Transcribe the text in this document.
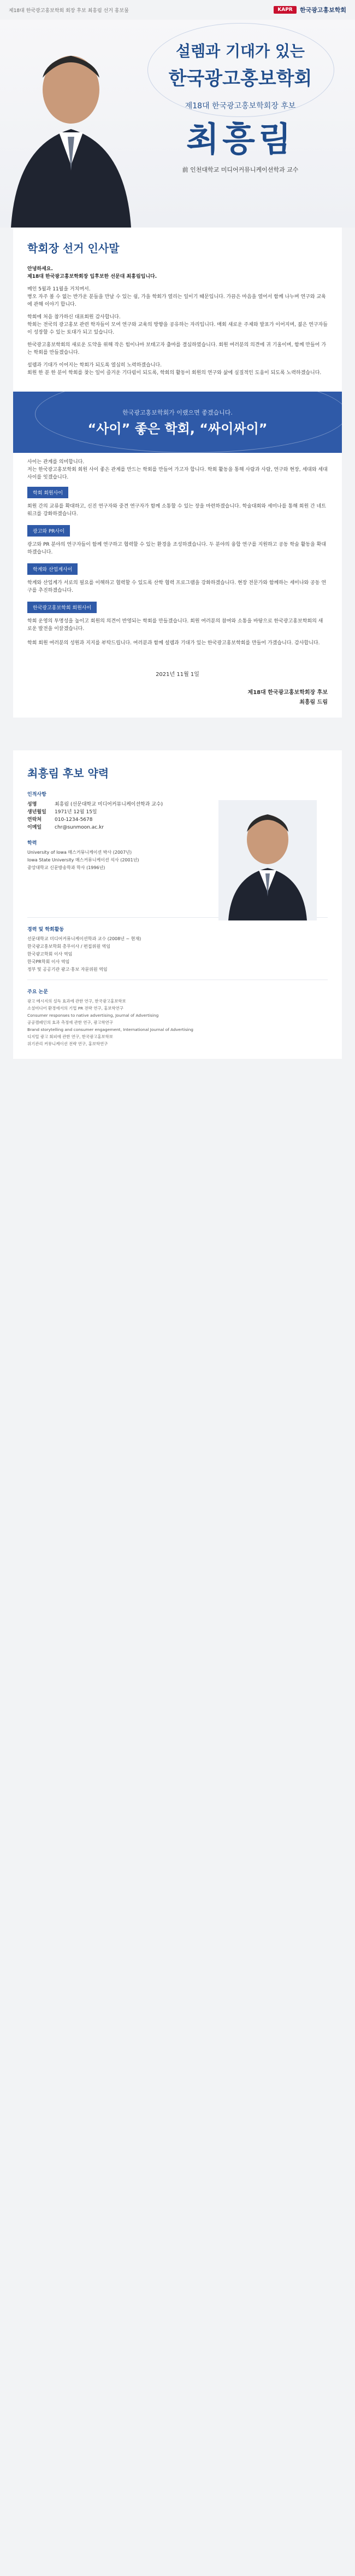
제18대 한국광고홍보학회 회장 후보 최흥림 선거 홍보물	KAPR	한국광고홍보학회
설렘과 기대가 있는
한국광고홍보학회
제18대 한국광고홍보학회장 후보
최흥림
前 인천대학교 미디어커뮤니케이션학과 교수
학회장 선거 인사말

안녕하세요.
제18대 한국광고홍보학회장 입후보한 선문대 최흥림입니다.

메인 5월과 11월을 거치며서.
병오 자주 볼 수 없는 반가운 분들을 만날 수 있는 쉼, 가을 학회가 열리는 일이기 때문입니다. 가끔은 마음을 열어서 함께 나누며 연구와 교육에 관해 이야기 합니다.

학회에 처음 참가하신 대표회원 감사합니다.
학회는 전국의 광고홍보 관련 학자들이 모여 연구와 교육의 방향을 공유하는 자리입니다. 매회 새로운 주제와 발표가 이어지며, 젊은 연구자들이 성장할 수 있는 토대가 되고 있습니다.

한국광고홍보학회의 새로운 도약을 위해 작은 힘이나마 보태고자 출마를 결심하였습니다. 회원 여러분의 의견에 귀 기울이며, 함께 만들어 가는 학회를 만들겠습니다.

설렘과 기대가 이어지는 학회가 되도록 열심히 노력하겠습니다.
회원 한 분 한 분이 학회를 찾는 일이 즐거운 기다림이 되도록, 학회의 활동이 회원의 연구와 삶에 실질적인 도움이 되도록 노력하겠습니다.

한국광고홍보학회가 이랬으면 좋겠습니다.
“사이” 좋은 학회, “싸이싸이”

사이는 관계를 의미합니다.
저는 한국광고홍보학회 회원 사이 좋은 관계를 만드는 학회를 만들어 가고자 합니다. 학회 활동을 통해 사람과 사람, 연구와 현장, 세대와 세대 사이를 잇겠습니다.

학회 회원사이

회원 간의 교류를 확대하고, 신진 연구자와 중견 연구자가 함께 소통할 수 있는 장을 마련하겠습니다. 학술대회와 세미나를 통해 회원 간 네트워크를 강화하겠습니다.

광고와 PR사이

광고와 PR 분야의 연구자들이 함께 연구하고 협력할 수 있는 환경을 조성하겠습니다. 두 분야의 융합 연구를 지원하고 공동 학술 활동을 확대하겠습니다.

학계와 산업계사이

학계와 산업계가 서로의 필요를 이해하고 협력할 수 있도록 산학 협력 프로그램을 강화하겠습니다. 현장 전문가와 함께하는 세미나와 공동 연구를 추진하겠습니다.

한국광고홍보학회 회원사이

학회 운영의 투명성을 높이고 회원의 의견이 반영되는 학회를 만들겠습니다. 회원 여러분의 참여와 소통을 바탕으로 한국광고홍보학회의 새로운 발전을 이끌겠습니다.

학회 회원 여러분의 성원과 지지를 부탁드립니다. 여러분과 함께 설렘과 기대가 있는 한국광고홍보학회를 만들어 가겠습니다. 감사합니다.

2021년 11월 1일
제18대 한국광고홍보학회장 후보
최흥림 드림
최흥림 후보 약력
인적사항
성명	최흥림 (선문대학교 미디어커뮤니케이션학과 교수)
생년월일	1971년 12월 15일
연락처	010-1234-5678
이메일	chr@sunmoon.ac.kr
학력
University of Iowa 매스커뮤니케이션 박사 (2007년)
Iowa State University 매스커뮤니케이션 석사 (2001년)
중앙대학교 신문방송학과 학사 (1996년)
경력 및 학회활동
선문대학교 미디어커뮤니케이션학과 교수 (2008년 ~ 현재)
한국광고홍보학회 총무이사 / 편집위원 역임
한국광고학회 이사 역임
한국PR학회 이사 역임
정부 및 공공기관 광고·홍보 자문위원 역임
주요 논문
광고 메시지의 설득 효과에 관한 연구, 한국광고홍보학보
소셜미디어 환경에서의 기업 PR 전략 연구, 홍보학연구
Consumer responses to native advertising, Journal of Advertising
공공캠페인의 효과 측정에 관한 연구, 광고학연구
Brand storytelling and consumer engagement, International Journal of Advertising
디지털 광고 회피에 관한 연구, 한국광고홍보학보
위기관리 커뮤니케이션 전략 연구, 홍보학연구
